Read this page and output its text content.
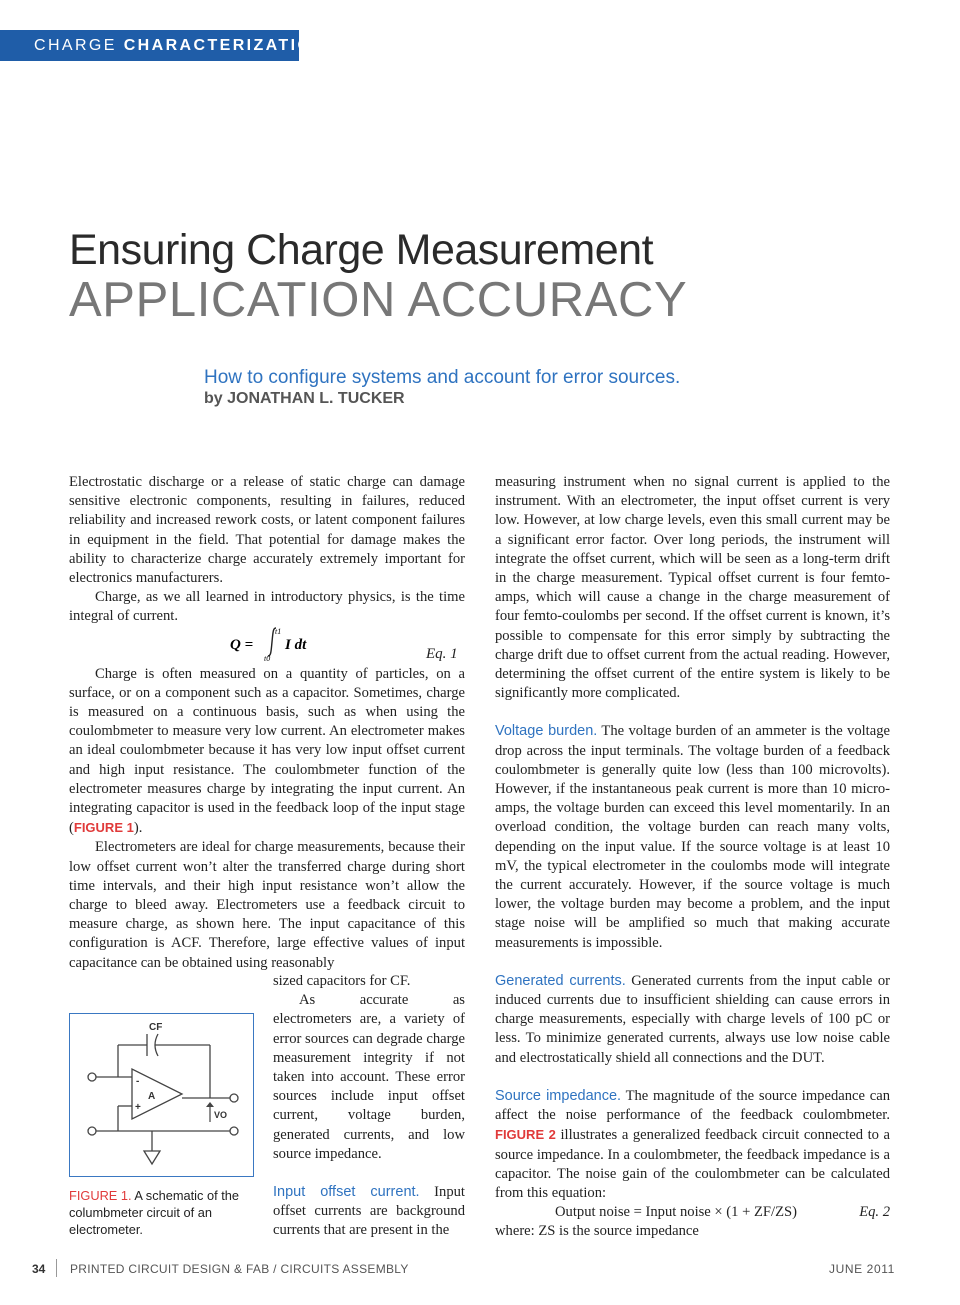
CHARGE CHARACTERIZATION
Ensuring Charge Measurement
APPLICATION ACCURACY
How to configure systems and account for error sources.
by JONATHAN L. TUCKER

Electrostatic discharge or a release of static charge can damage sensitive electronic components, resulting in failures, reduced reliability and increased rework costs, or latent component failures in equipment in the field. That potential for damage makes the ability to characterize charge accurately extremely important for electronics manufacturers.

Charge, as we all learned in introductory physics, is the time integral of current.

Charge is often measured on a quantity of particles, on a surface, or on a component such as a capacitor. Sometimes, charge is measured on a continuous basis, such as when using the coulombmeter to measure very low current. An electrometer makes an ideal coulombmeter because it has very low input offset current and high input resistance. The coulombmeter function of the electrometer measures charge by integrating the input current. An integrating capacitor is used in the feedback loop of the input stage (FIGURE 1).

Electrometers are ideal for charge measurements, because their low offset current won’t alter the transferred charge during short time intervals, and their high input resistance won’t allow the charge to bleed away. Electrometers use a feedback circuit to measure charge, as shown here. The input capacitance of this configuration is ACF. Therefore, large effective values of input capacitance can be obtained using reasonably

Q =
t1
t0
I dt
Eq. 1

sized capacitors for CF.

As accurate as electrometers are, a variety of error sources can degrade charge measurement integrity if not taken into account. These error sources include input offset current, voltage burden, generated currents, and low source impedance.

Input offset current. Input offset currents are background currents that are present in the

CF
A
-
+
VO
FIGURE 1. A schematic of the columbmeter circuit of an electrometer.

measuring instrument when no signal current is applied to the instrument. With an electrometer, the input offset current is very low. However, at low charge levels, even this small current may be a significant error factor. Over long periods, the instrument will integrate the offset current, which will be seen as a long-term drift in the charge measurement. Typical offset current is four femto-amps, which will cause a change in the charge measurement of four femto-coulombs per second. If the offset current is known, it’s possible to compensate for this error simply by subtracting the charge drift due to offset current from the actual reading. However, determining the offset current of the entire system is likely to be significantly more complicated.

Voltage burden. The voltage burden of an ammeter is the voltage drop across the input terminals. The voltage burden of a feedback coulombmeter is generally quite low (less than 100 microvolts). However, if the instantaneous peak current is more than 10 micro-amps, the voltage burden can exceed this level momentarily. In an overload condition, the voltage burden can reach many volts, depending on the input value. If the source voltage is at least 10 mV, the typical electrometer in the coulombs mode will integrate the current accurately. However, if the source voltage is much lower, the voltage burden may become a problem, and the input stage noise will be amplified so much that making accurate measurements is impossible.

Generated currents. Generated currents from the input cable or induced currents due to insufficient shielding can cause errors in charge measurements, especially with charge levels of 100 pC or less. To minimize generated currents, always use low noise cable and electrostatically shield all connections and the DUT.

Source impedance. The magnitude of the source impedance can affect the noise performance of the feedback coulombmeter. FIGURE 2 illustrates a generalized feedback circuit connected to a source impedance. In a coulombmeter, the feedback impedance is a capacitor. The noise gain of the coulombmeter can be calculated from this equation:

Output noise = Input noise × (1 + ZF/ZS)	Eq. 2

where: ZS is the source impedance

34 PRINTED CIRCUIT DESIGN & FAB / CIRCUITS ASSEMBLY	JUNE 2011
